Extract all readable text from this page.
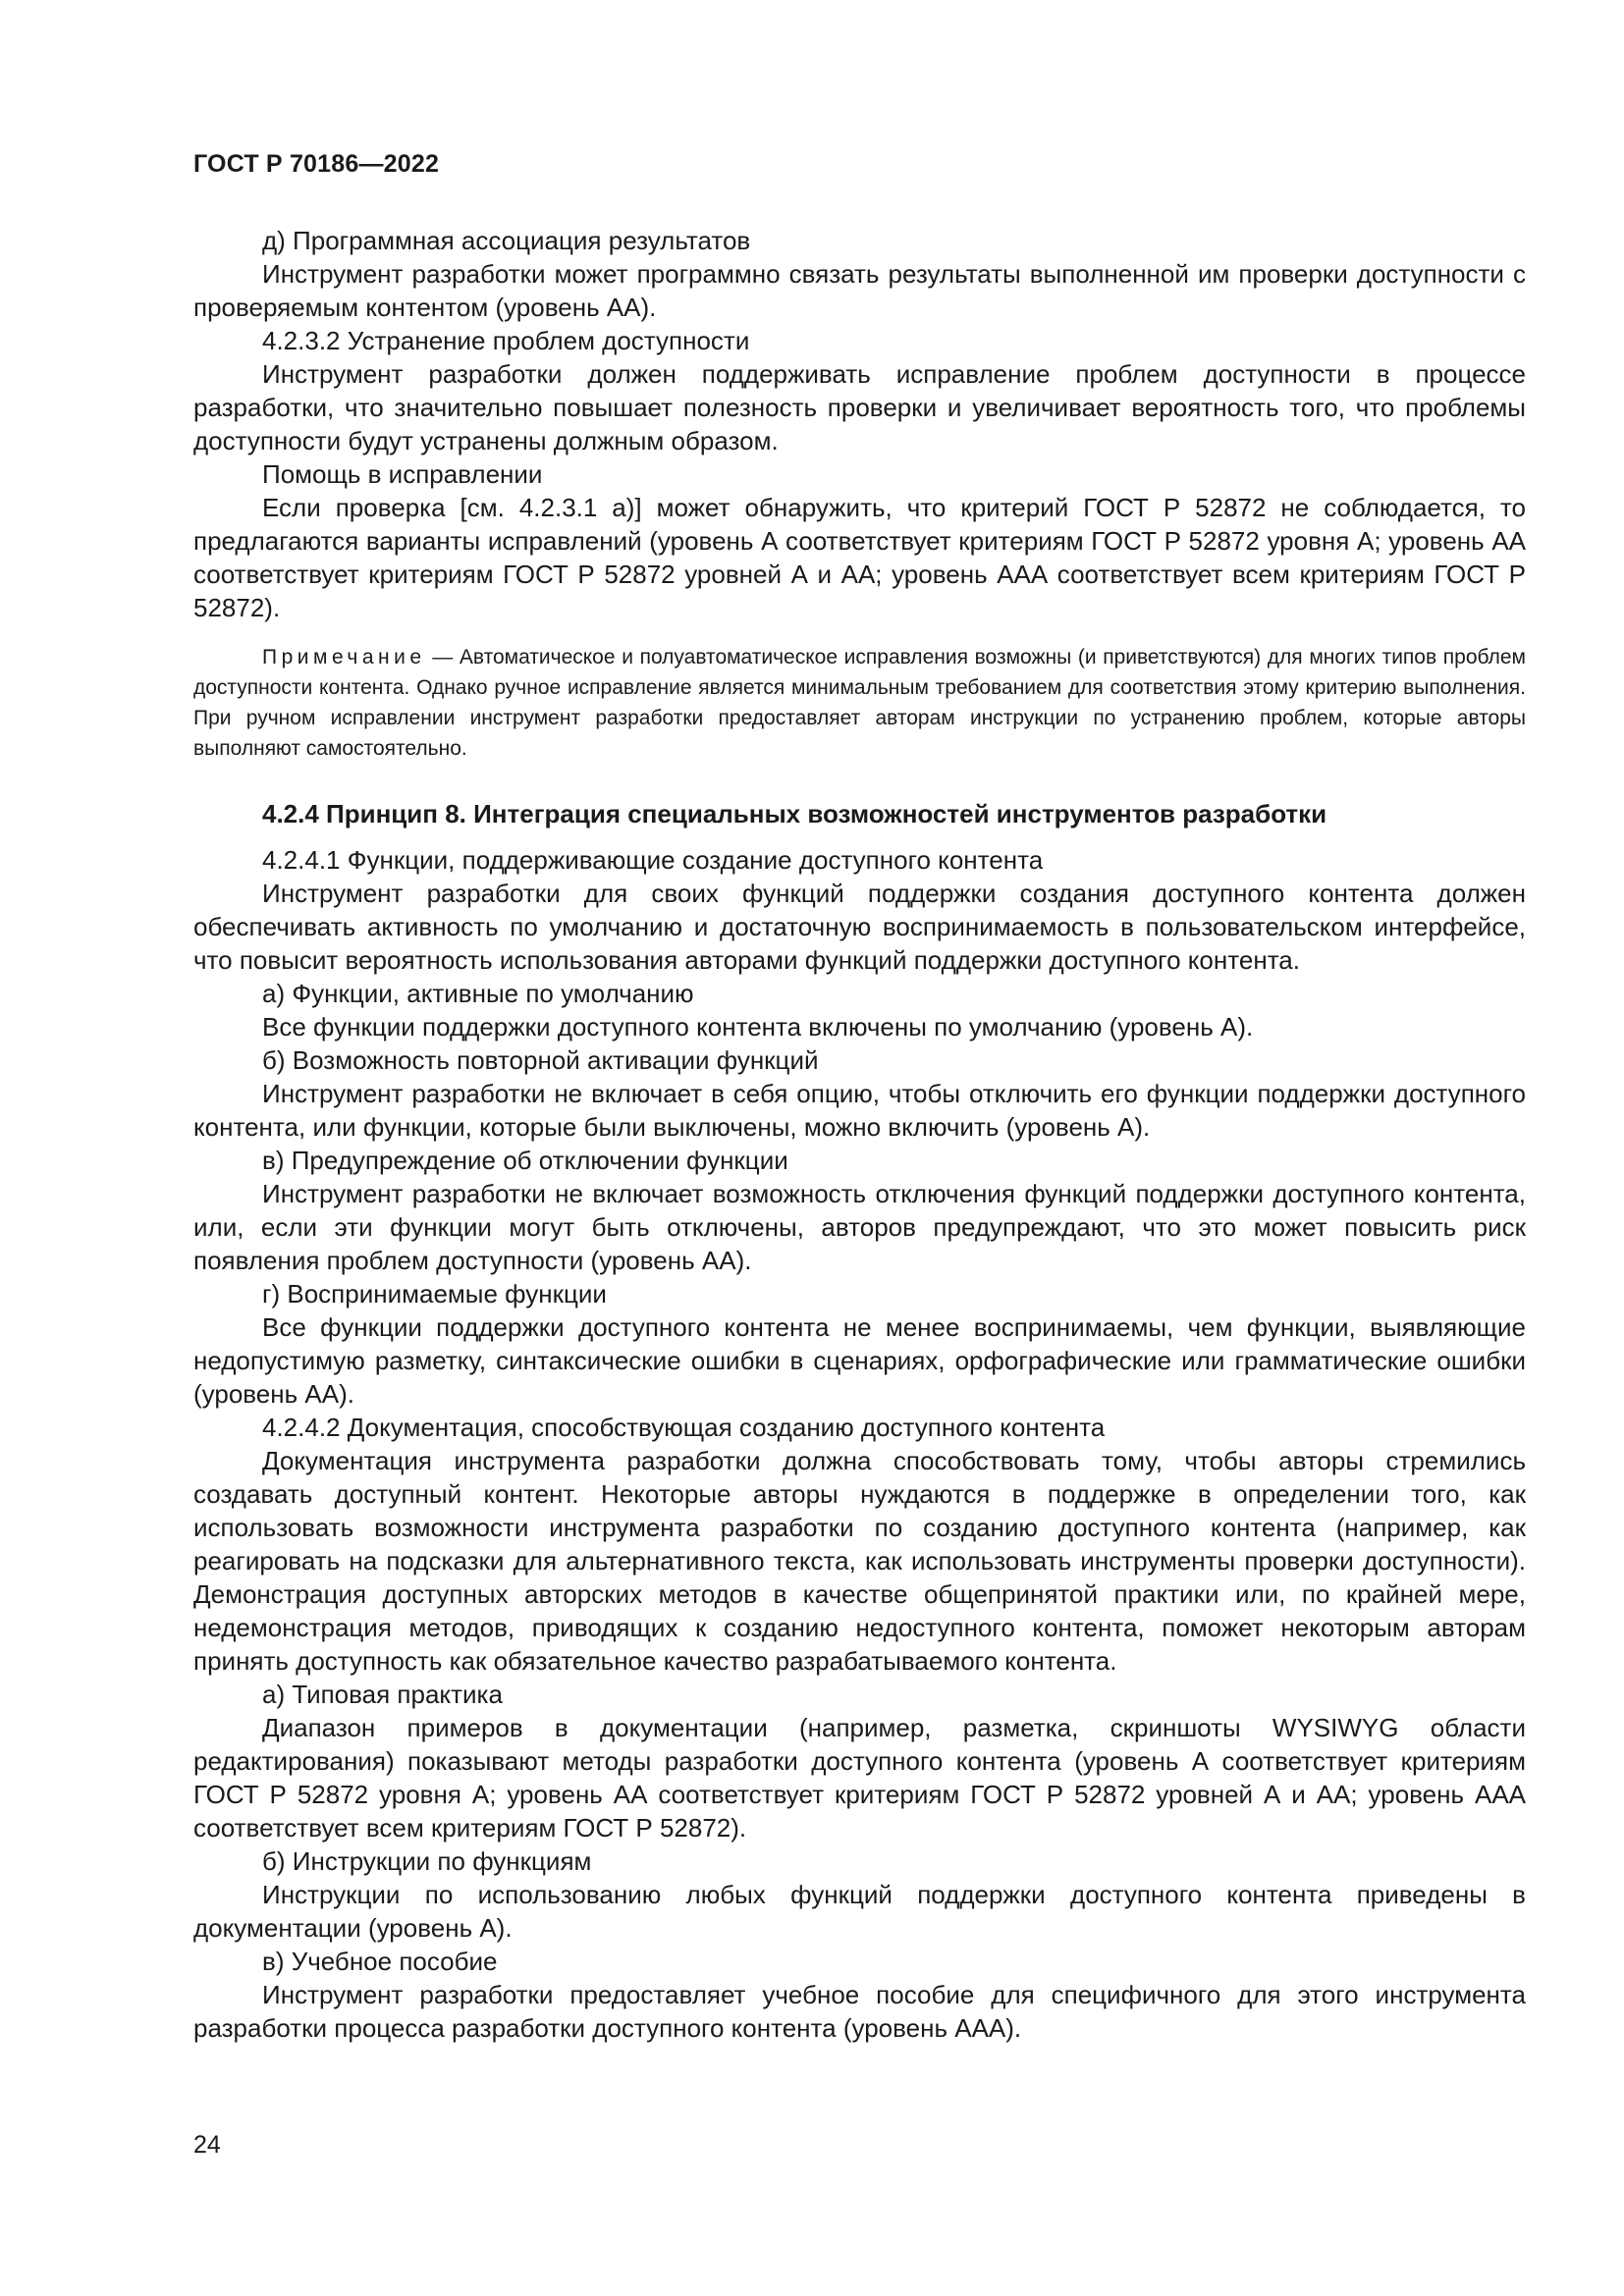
ГОСТ Р 70186—2022

д) Программная ассоциация результатов

Инструмент разработки может программно связать результаты выполненной им проверки доступности с проверяемым контентом (уровень АА).

4.2.3.2 Устранение проблем доступности

Инструмент разработки должен поддерживать исправление проблем доступности в процессе разработки, что значительно повышает полезность проверки и увеличивает вероятность того, что проблемы доступности будут устранены должным образом.

Помощь в исправлении

Если проверка [см. 4.2.3.1 а)] может обнаружить, что критерий ГОСТ Р 52872 не соблюдается, то предлагаются варианты исправлений (уровень А соответствует критериям ГОСТ Р 52872 уровня А; уровень АА соответствует критериям ГОСТ Р 52872 уровней А и АА; уровень ААА соответствует всем критериям ГОСТ Р 52872).

Примечание — Автоматическое и полуавтоматическое исправления возможны (и приветствуются) для многих типов проблем доступности контента. Однако ручное исправление является минимальным требованием для соответствия этому критерию выполнения. При ручном исправлении инструмент разработки предоставляет авторам инструкции по устранению проблем, которые авторы выполняют самостоятельно.

4.2.4 Принцип 8. Интеграция специальных возможностей инструментов разработки

4.2.4.1 Функции, поддерживающие создание доступного контента

Инструмент разработки для своих функций поддержки создания доступного контента должен обеспечивать активность по умолчанию и достаточную воспринимаемость в пользовательском интерфейсе, что повысит вероятность использования авторами функций поддержки доступного контента.

а) Функции, активные по умолчанию

Все функции поддержки доступного контента включены по умолчанию (уровень А).

б) Возможность повторной активации функций

Инструмент разработки не включает в себя опцию, чтобы отключить его функции поддержки доступного контента, или функции, которые были выключены, можно включить (уровень А).

в) Предупреждение об отключении функции

Инструмент разработки не включает возможность отключения функций поддержки доступного контента, или, если эти функции могут быть отключены, авторов предупреждают, что это может повысить риск появления проблем доступности (уровень АА).

г) Воспринимаемые функции

Все функции поддержки доступного контента не менее воспринимаемы, чем функции, выявляющие недопустимую разметку, синтаксические ошибки в сценариях, орфографические или грамматические ошибки (уровень АА).

4.2.4.2 Документация, способствующая созданию доступного контента

Документация инструмента разработки должна способствовать тому, чтобы авторы стремились создавать доступный контент. Некоторые авторы нуждаются в поддержке в определении того, как использовать возможности инструмента разработки по созданию доступного контента (например, как реагировать на подсказки для альтернативного текста, как использовать инструменты проверки доступности). Демонстрация доступных авторских методов в качестве общепринятой практики или, по крайней мере, недемонстрация методов, приводящих к созданию недоступного контента, поможет некоторым авторам принять доступность как обязательное качество разрабатываемого контента.

а) Типовая практика

Диапазон примеров в документации (например, разметка, скриншоты WYSIWYG области редактирования) показывают методы разработки доступного контента (уровень А соответствует критериям ГОСТ Р 52872 уровня А; уровень АА соответствует критериям ГОСТ Р 52872 уровней А и АА; уровень ААА соответствует всем критериям ГОСТ Р 52872).

б) Инструкции по функциям

Инструкции по использованию любых функций поддержки доступного контента приведены в документации (уровень А).

в) Учебное пособие

Инструмент разработки предоставляет учебное пособие для специфичного для этого инструмента разработки процесса разработки доступного контента (уровень ААА).

24
